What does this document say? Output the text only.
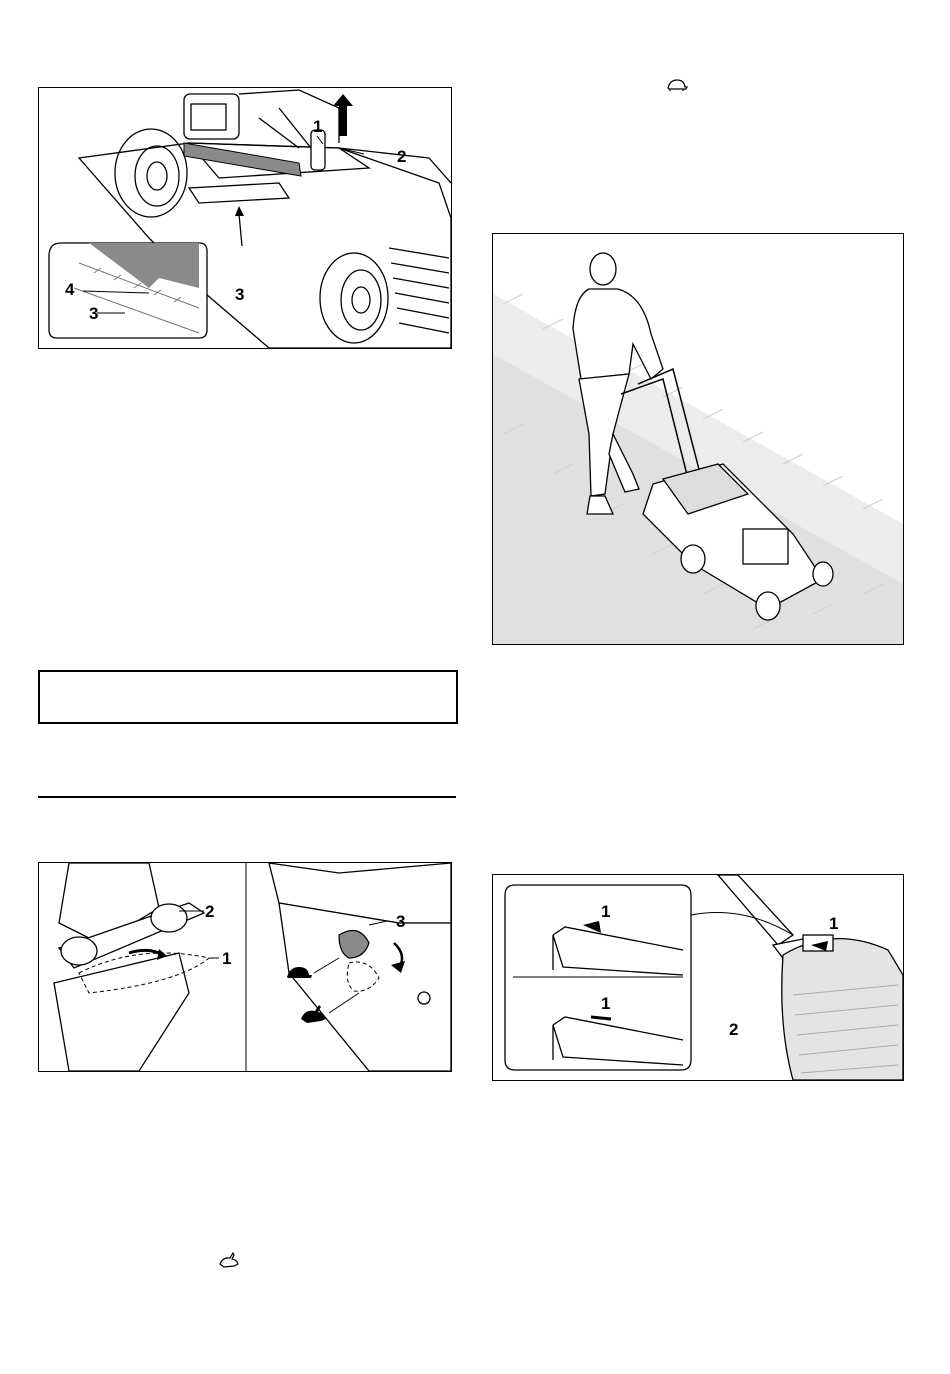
1
2
3
4
3
2
1
3
1
1
1
2
